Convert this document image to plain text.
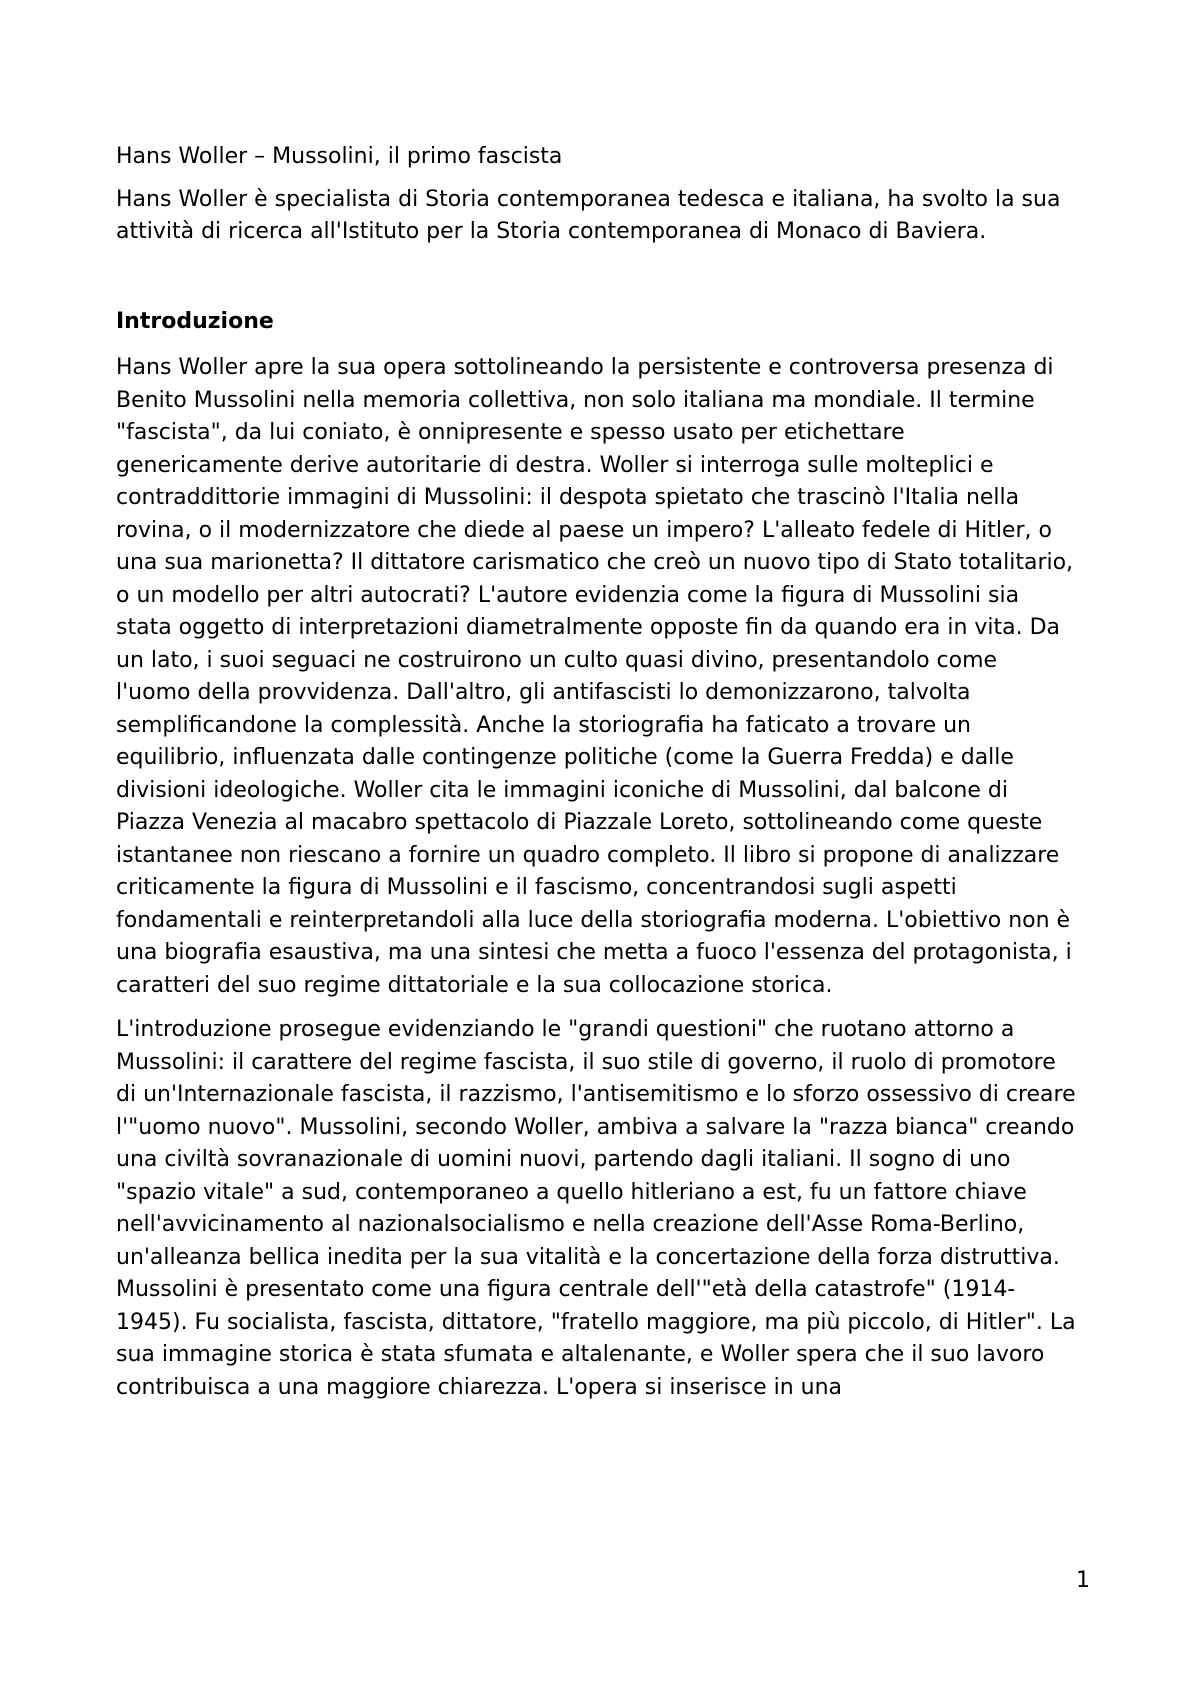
Hans Woller – Mussolini, il primo fascista

Hans Woller è specialista di Storia contemporanea tedesca e italiana, ha svolto la sua attività di ricerca all'Istituto per la Storia contemporanea di Monaco di Baviera.

Introduzione

Hans Woller apre la sua opera sottolineando la persistente e controversa presenza di Benito Mussolini nella memoria collettiva, non solo italiana ma mondiale. Il termine "fascista", da lui coniato, è onnipresente e spesso usato per etichettare genericamente derive autoritarie di destra. Woller si interroga sulle molteplici e contraddittorie immagini di Mussolini: il despota spietato che trascinò l'Italia nella rovina, o il modernizzatore che diede al paese un impero? L'alleato fedele di Hitler, o una sua marionetta? Il dittatore carismatico che creò un nuovo tipo di Stato totalitario, o un modello per altri autocrati? L'autore evidenzia come la figura di Mussolini sia stata oggetto di interpretazioni diametralmente opposte fin da quando era in vita. Da un lato, i suoi seguaci ne costruirono un culto quasi divino, presentandolo come l'uomo della provvidenza. Dall'altro, gli antifascisti lo demonizzarono, talvolta semplificandone la complessità. Anche la storiografia ha faticato a trovare un equilibrio, influenzata dalle contingenze politiche (come la Guerra Fredda) e dalle divisioni ideologiche. Woller cita le immagini iconiche di Mussolini, dal balcone di Piazza Venezia al macabro spettacolo di Piazzale Loreto, sottolineando come queste istantanee non riescano a fornire un quadro completo. Il libro si propone di analizzare criticamente la figura di Mussolini e il fascismo, concentrandosi sugli aspetti fondamentali e reinterpretandoli alla luce della storiografia moderna. L'obiettivo non è una biografia esaustiva, ma una sintesi che metta a fuoco l'essenza del protagonista, i caratteri del suo regime dittatoriale e la sua collocazione storica.

L'introduzione prosegue evidenziando le "grandi questioni" che ruotano attorno a Mussolini: il carattere del regime fascista, il suo stile di governo, il ruolo di promotore di un'Internazionale fascista, il razzismo, l'antisemitismo e lo sforzo ossessivo di creare l'"uomo nuovo". Mussolini, secondo Woller, ambiva a salvare la "razza bianca" creando una civiltà sovranazionale di uomini nuovi, partendo dagli italiani. Il sogno di uno "spazio vitale" a sud, contemporaneo a quello hitleriano a est, fu un fattore chiave nell'avvicinamento al nazionalsocialismo e nella creazione dell'Asse Roma-Berlino, un'alleanza bellica inedita per la sua vitalità e la concertazione della forza distruttiva. Mussolini è presentato come una figura centrale dell'"età della catastrofe" (1914-1945). Fu socialista, fascista, dittatore, "fratello maggiore, ma più piccolo, di Hitler". La sua immagine storica è stata sfumata e altalenante, e Woller spera che il suo lavoro contribuisca a una maggiore chiarezza. L'opera si inserisce in una

1
